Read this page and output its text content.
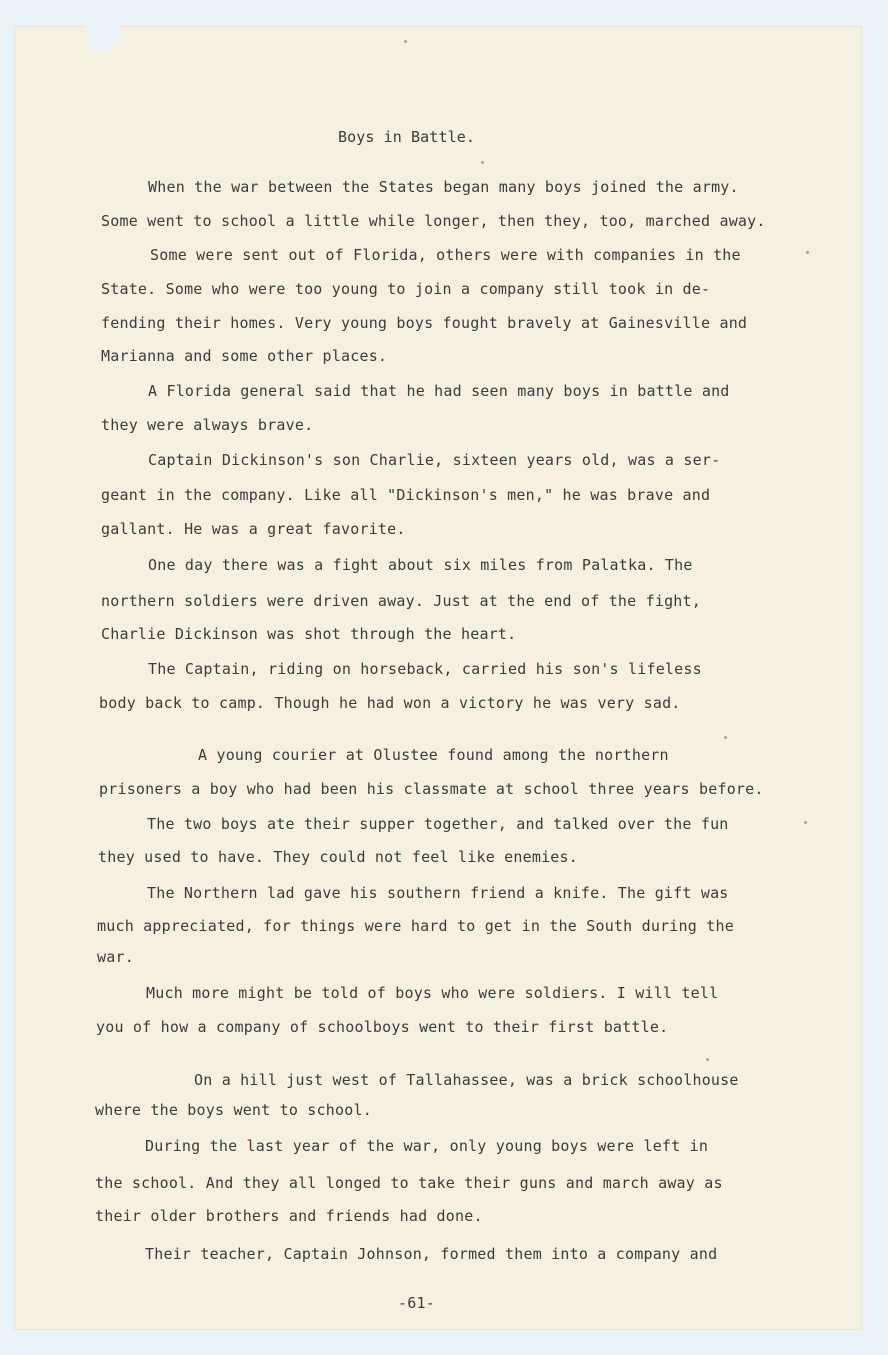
Boys in Battle.
When the war between the States began many boys joined the army.
Some went to school a little while longer, then they, too, marched away.
Some were sent out of Florida, others were with companies in the
State. Some who were too young to join a company still took in de-
fending their homes. Very young boys fought bravely at Gainesville and
Marianna and some other places.
A Florida general said that he had seen many boys in battle and
they were always brave.
Captain Dickinson's son Charlie, sixteen years old, was a ser-
geant in the company. Like all "Dickinson's men," he was brave and
gallant. He was a great favorite.
One day there was a fight about six miles from Palatka. The
northern soldiers were driven away. Just at the end of the fight,
Charlie Dickinson was shot through the heart.
The Captain, riding on horseback, carried his son's lifeless
body back to camp. Though he had won a victory he was very sad.
A young courier at Olustee found among the northern
prisoners a boy who had been his classmate at school three years before.
The two boys ate their supper together, and talked over the fun
they used to have. They could not feel like enemies.
The Northern lad gave his southern friend a knife. The gift was
much appreciated, for things were hard to get in the South during the
war.
Much more might be told of boys who were soldiers. I will tell
you of how a company of schoolboys went to their first battle.
On a hill just west of Tallahassee, was a brick schoolhouse
where the boys went to school.
During the last year of the war, only young boys were left in
the school. And they all longed to take their guns and march away as
their older brothers and friends had done.
Their teacher, Captain Johnson, formed them into a company and
-61-
